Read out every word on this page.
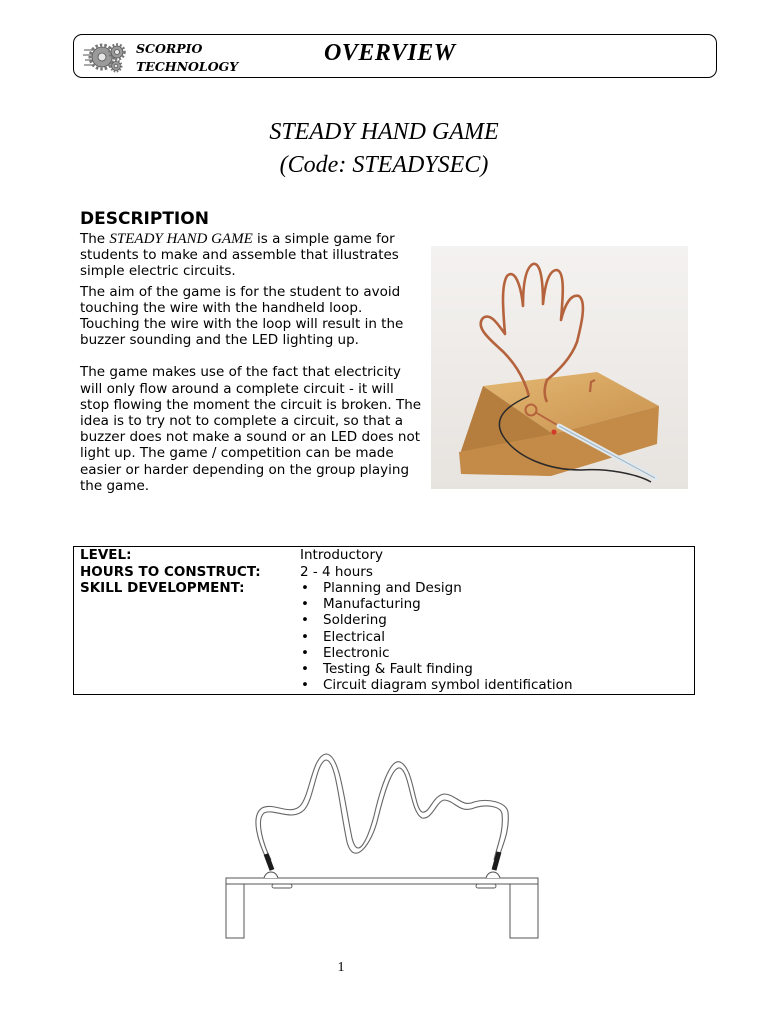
SCORPIO
TECHNOLOGY
OVERVIEW
STEADY HAND GAME
(Code: STEADYSEC)
DESCRIPTION

The STEADY HAND GAME is a simple game for students to make and assemble that illustrates simple electric circuits.

The aim of the game is for the student to avoid touching the wire with the handheld loop. Touching the wire with the loop will result in the buzzer sounding and the LED lighting up.

The game makes use of the fact that electricity will only flow around a complete circuit - it will stop flowing the moment the circuit is broken. The idea is to try not to complete a circuit, so that a buzzer does not make a sound or an LED does not light up. The game / competition can be made easier or harder depending on the group playing the game.

LEVEL:	Introductory
HOURS TO CONSTRUCT:	2 - 4 hours
SKILL DEVELOPMENT:
•	Planning and Design
• Manufacturing
• Soldering
• Electrical
• Electronic
• Testing & Fault finding
• Circuit diagram symbol identification
1
